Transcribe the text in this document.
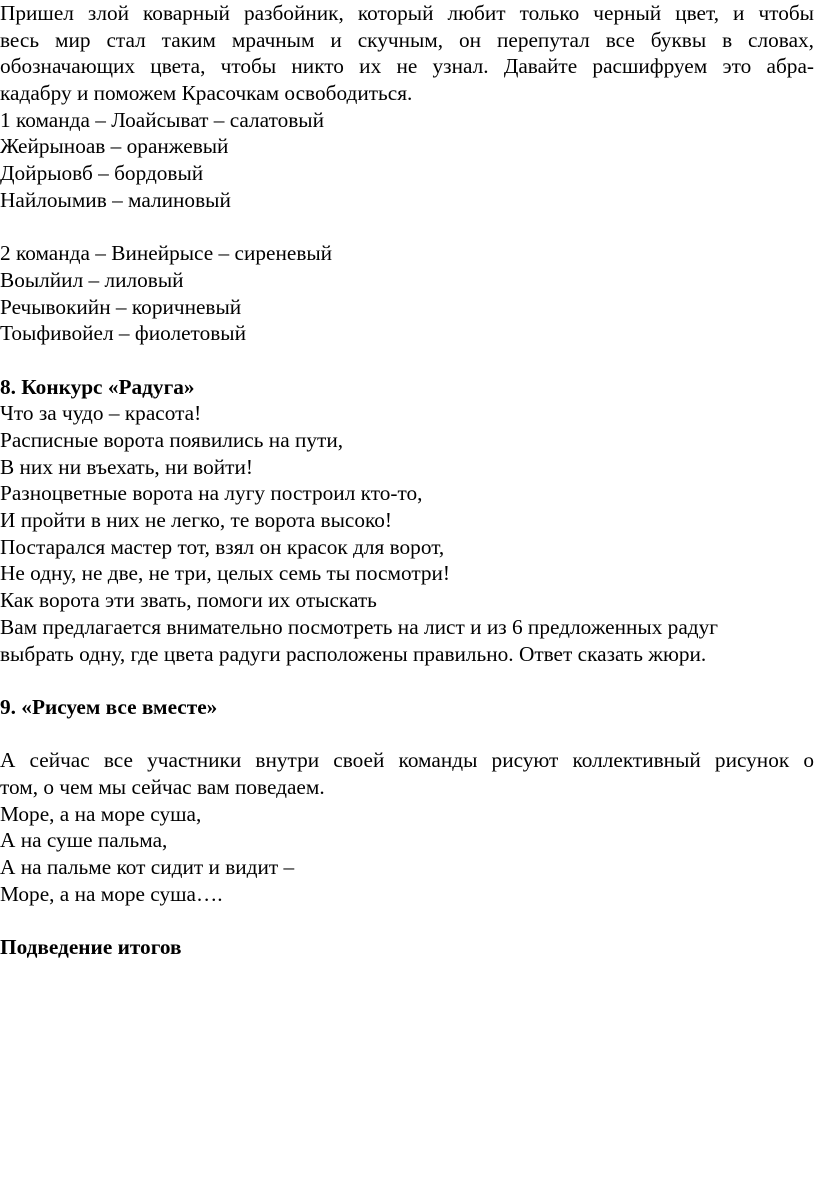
Пришел злой коварный разбойник, который любит только черный цвет, и чтобы
весь мир стал таким мрачным и скучным, он перепутал все буквы в словах,
обозначающих цвета, чтобы никто их не узнал. Давайте расшифруем это абра-
кадабру и поможем Красочкам освободиться.
1 команда – Лоайсыват – салатовый
Жейрыноав – оранжевый
Дойрыовб – бордовый
Найлоымив – малиновый
2 команда – Винейрысе – сиреневый
Воылйил – лиловый
Речывокийн – коричневый
Тоыфивойел – фиолетовый
8. Конкурс «Радуга»
Что за чудо – красота!
Расписные ворота появились на пути,
В них ни въехать, ни войти!
Разноцветные ворота на лугу построил кто-то,
И пройти в них не легко, те ворота высоко!
Постарался мастер тот, взял он красок для ворот,
Не одну, не две, не три, целых семь ты посмотри!
Как ворота эти звать, помоги их отыскать
Вам предлагается внимательно посмотреть на лист и из 6 предложенных радуг
выбрать одну, где цвета радуги расположены правильно. Ответ сказать жюри.
9. «Рисуем все вместе»
А сейчас все участники внутри своей команды рисуют коллективный рисунок о
том, о чем мы сейчас вам поведаем.
Море, а на море суша,
А на суше пальма,
А на пальме кот сидит и видит –
Море, а на море суша….
Подведение итогов
